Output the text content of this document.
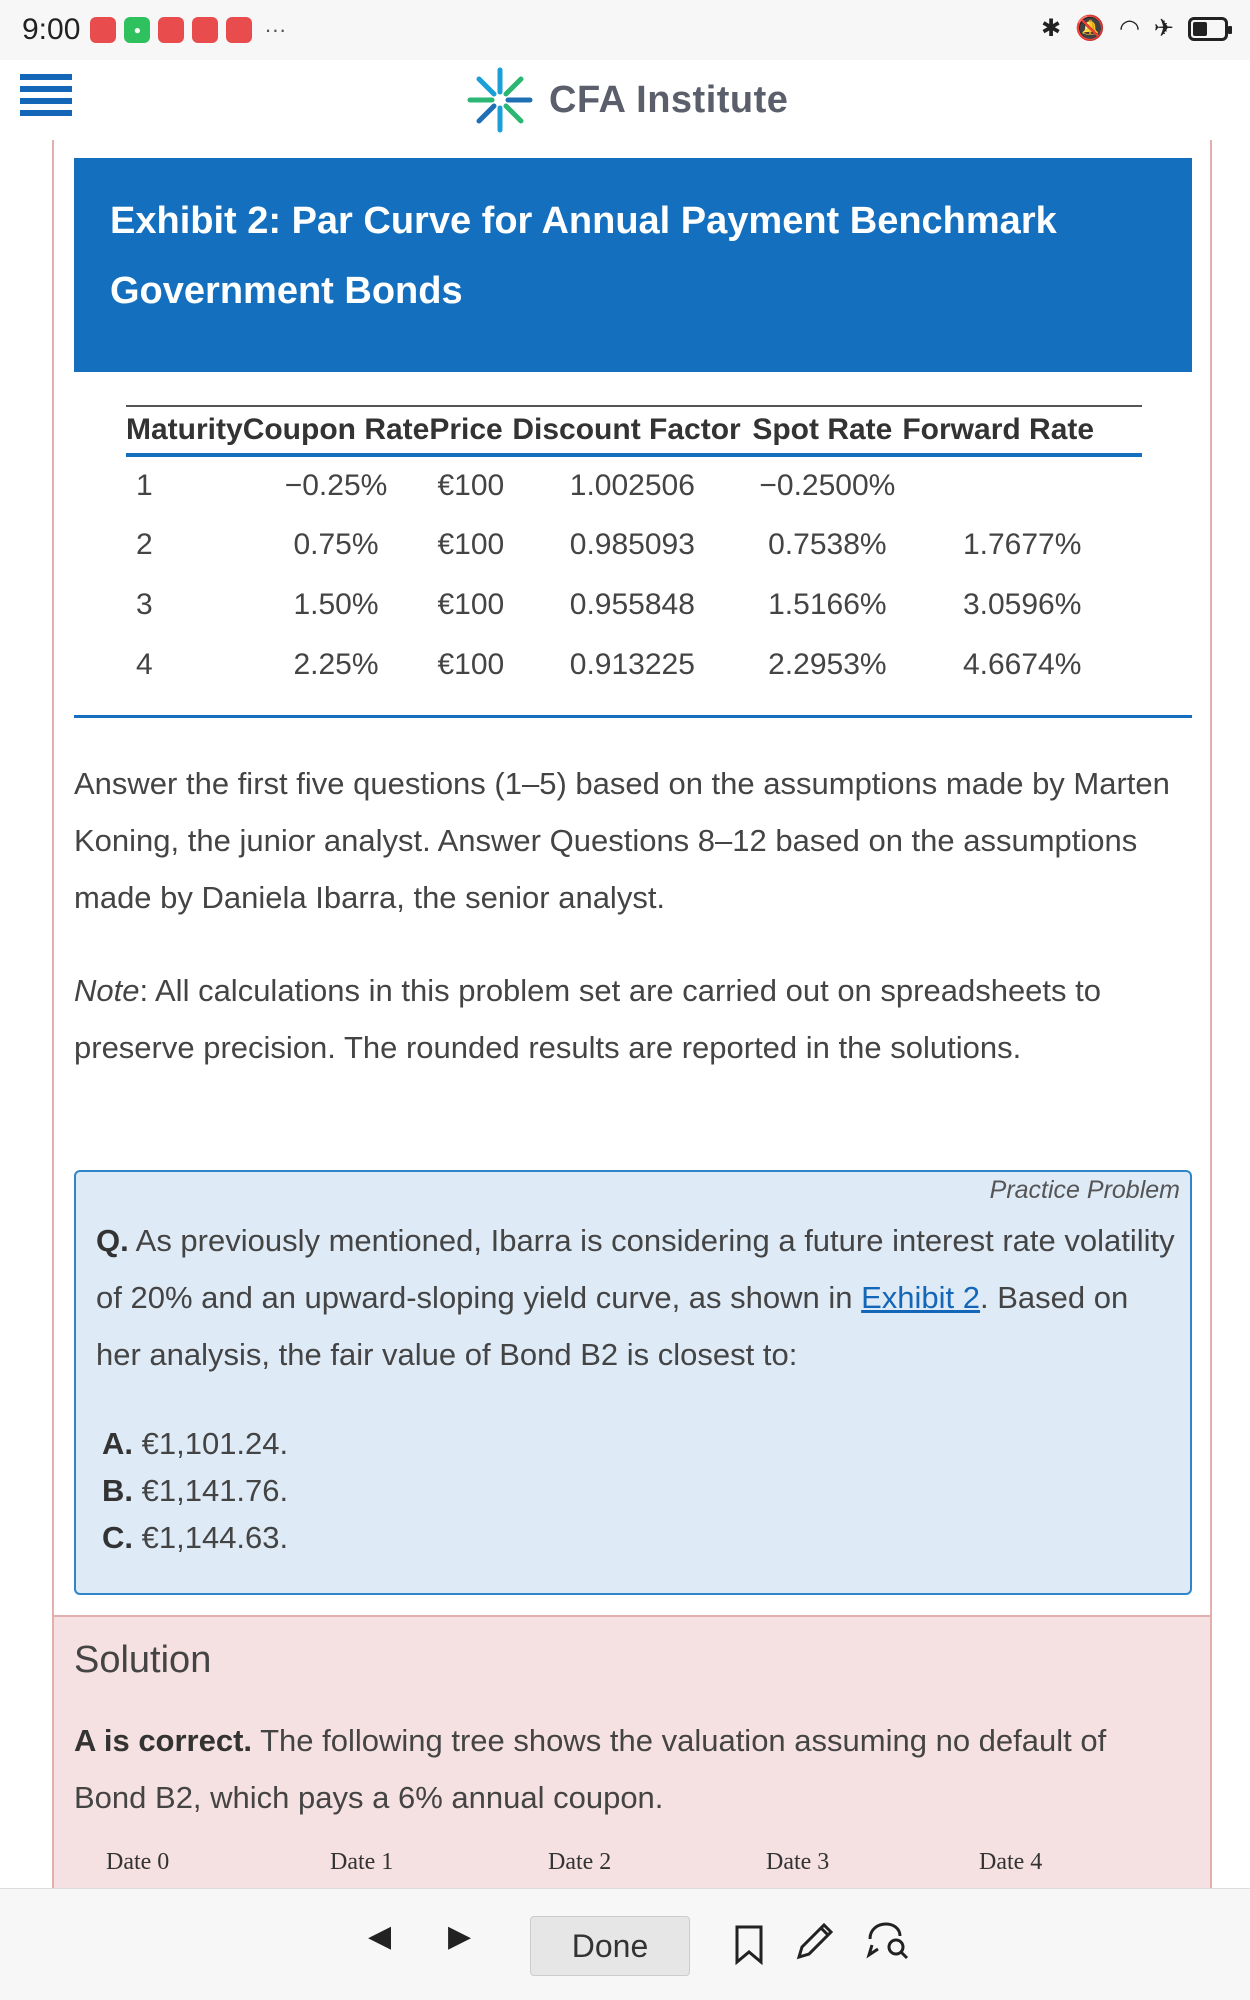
9:00	●	···	✱ 🔕 ◠ ✈
CFA Institute
Exhibit 2: Par Curve for Annual Payment Benchmark Government Bonds
Maturity	Coupon Rate	Price	Discount Factor	Spot Rate	Forward Rate
1	−0.25%	€100	1.002506	−0.2500%	
2	0.75%	€100	0.985093	0.7538%	1.7677%
3	1.50%	€100	0.955848	1.5166%	3.0596%
4	2.25%	€100	0.913225	2.2953%	4.6674%

Answer the first five questions (1–5) based on the assumptions made by Marten Koning, the junior analyst. Answer Questions 8–12 based on the assumptions made by Daniela Ibarra, the senior analyst.

Note: All calculations in this problem set are carried out on spreadsheets to preserve precision. The rounded results are reported in the solutions.

Practice Problem

Q. As previously mentioned, Ibarra is considering a future interest rate volatility of 20% and an upward-sloping yield curve, as shown in Exhibit 2. Based on her analysis, the fair value of Bond B2 is closest to:

A. €1,101.24.
B. €1,141.76.
C. €1,144.63.
Solution

A is correct. The following tree shows the valuation assuming no default of Bond B2, which pays a 6% annual coupon.

Date 0	Date 1	Date 2	Date 3	Date 4
◀ ▶	Done
